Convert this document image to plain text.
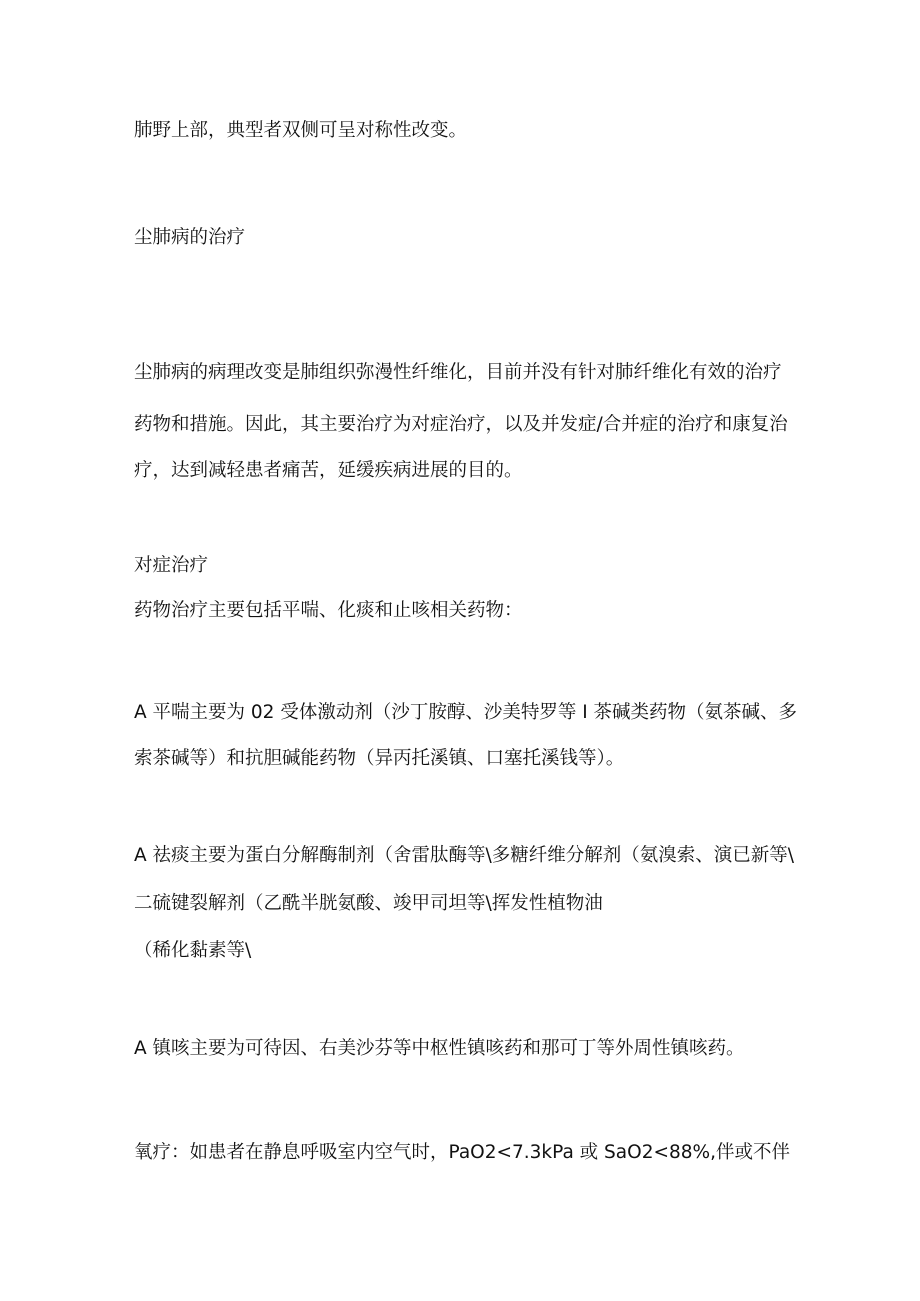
肺野上部，典型者双侧可呈对称性改变。

尘肺病的治疗

尘肺病的病理改变是肺组织弥漫性纤维化，目前并没有针对肺纤维化有效的治疗

药物和措施。因此，其主要治疗为对症治疗，以及并发症/合并症的治疗和康复治

疗，达到减轻患者痛苦，延缓疾病进展的目的。

对症治疗

药物治疗主要包括平喘、化痰和止咳相关药物：

A 平喘主要为 02 受体激动剂（沙丁胺醇、沙美特罗等 I 茶碱类药物（氨茶碱、多

索茶碱等）和抗胆碱能药物（异丙托溪镇、口塞托溪钱等）。

A 祛痰主要为蛋白分解酶制剂（舍雷肽酶等\多糖纤维分解剂（氨溴索、演已新等\

二硫键裂解剂（乙酰半胱氨酸、竣甲司坦等\挥发性植物油

（稀化黏素等\

A 镇咳主要为可待因、右美沙芬等中枢性镇咳药和那可丁等外周性镇咳药。

氧疗：如患者在静息呼吸室内空气时，PaO2<7.3kPa 或 SaO2<88%,伴或不伴
